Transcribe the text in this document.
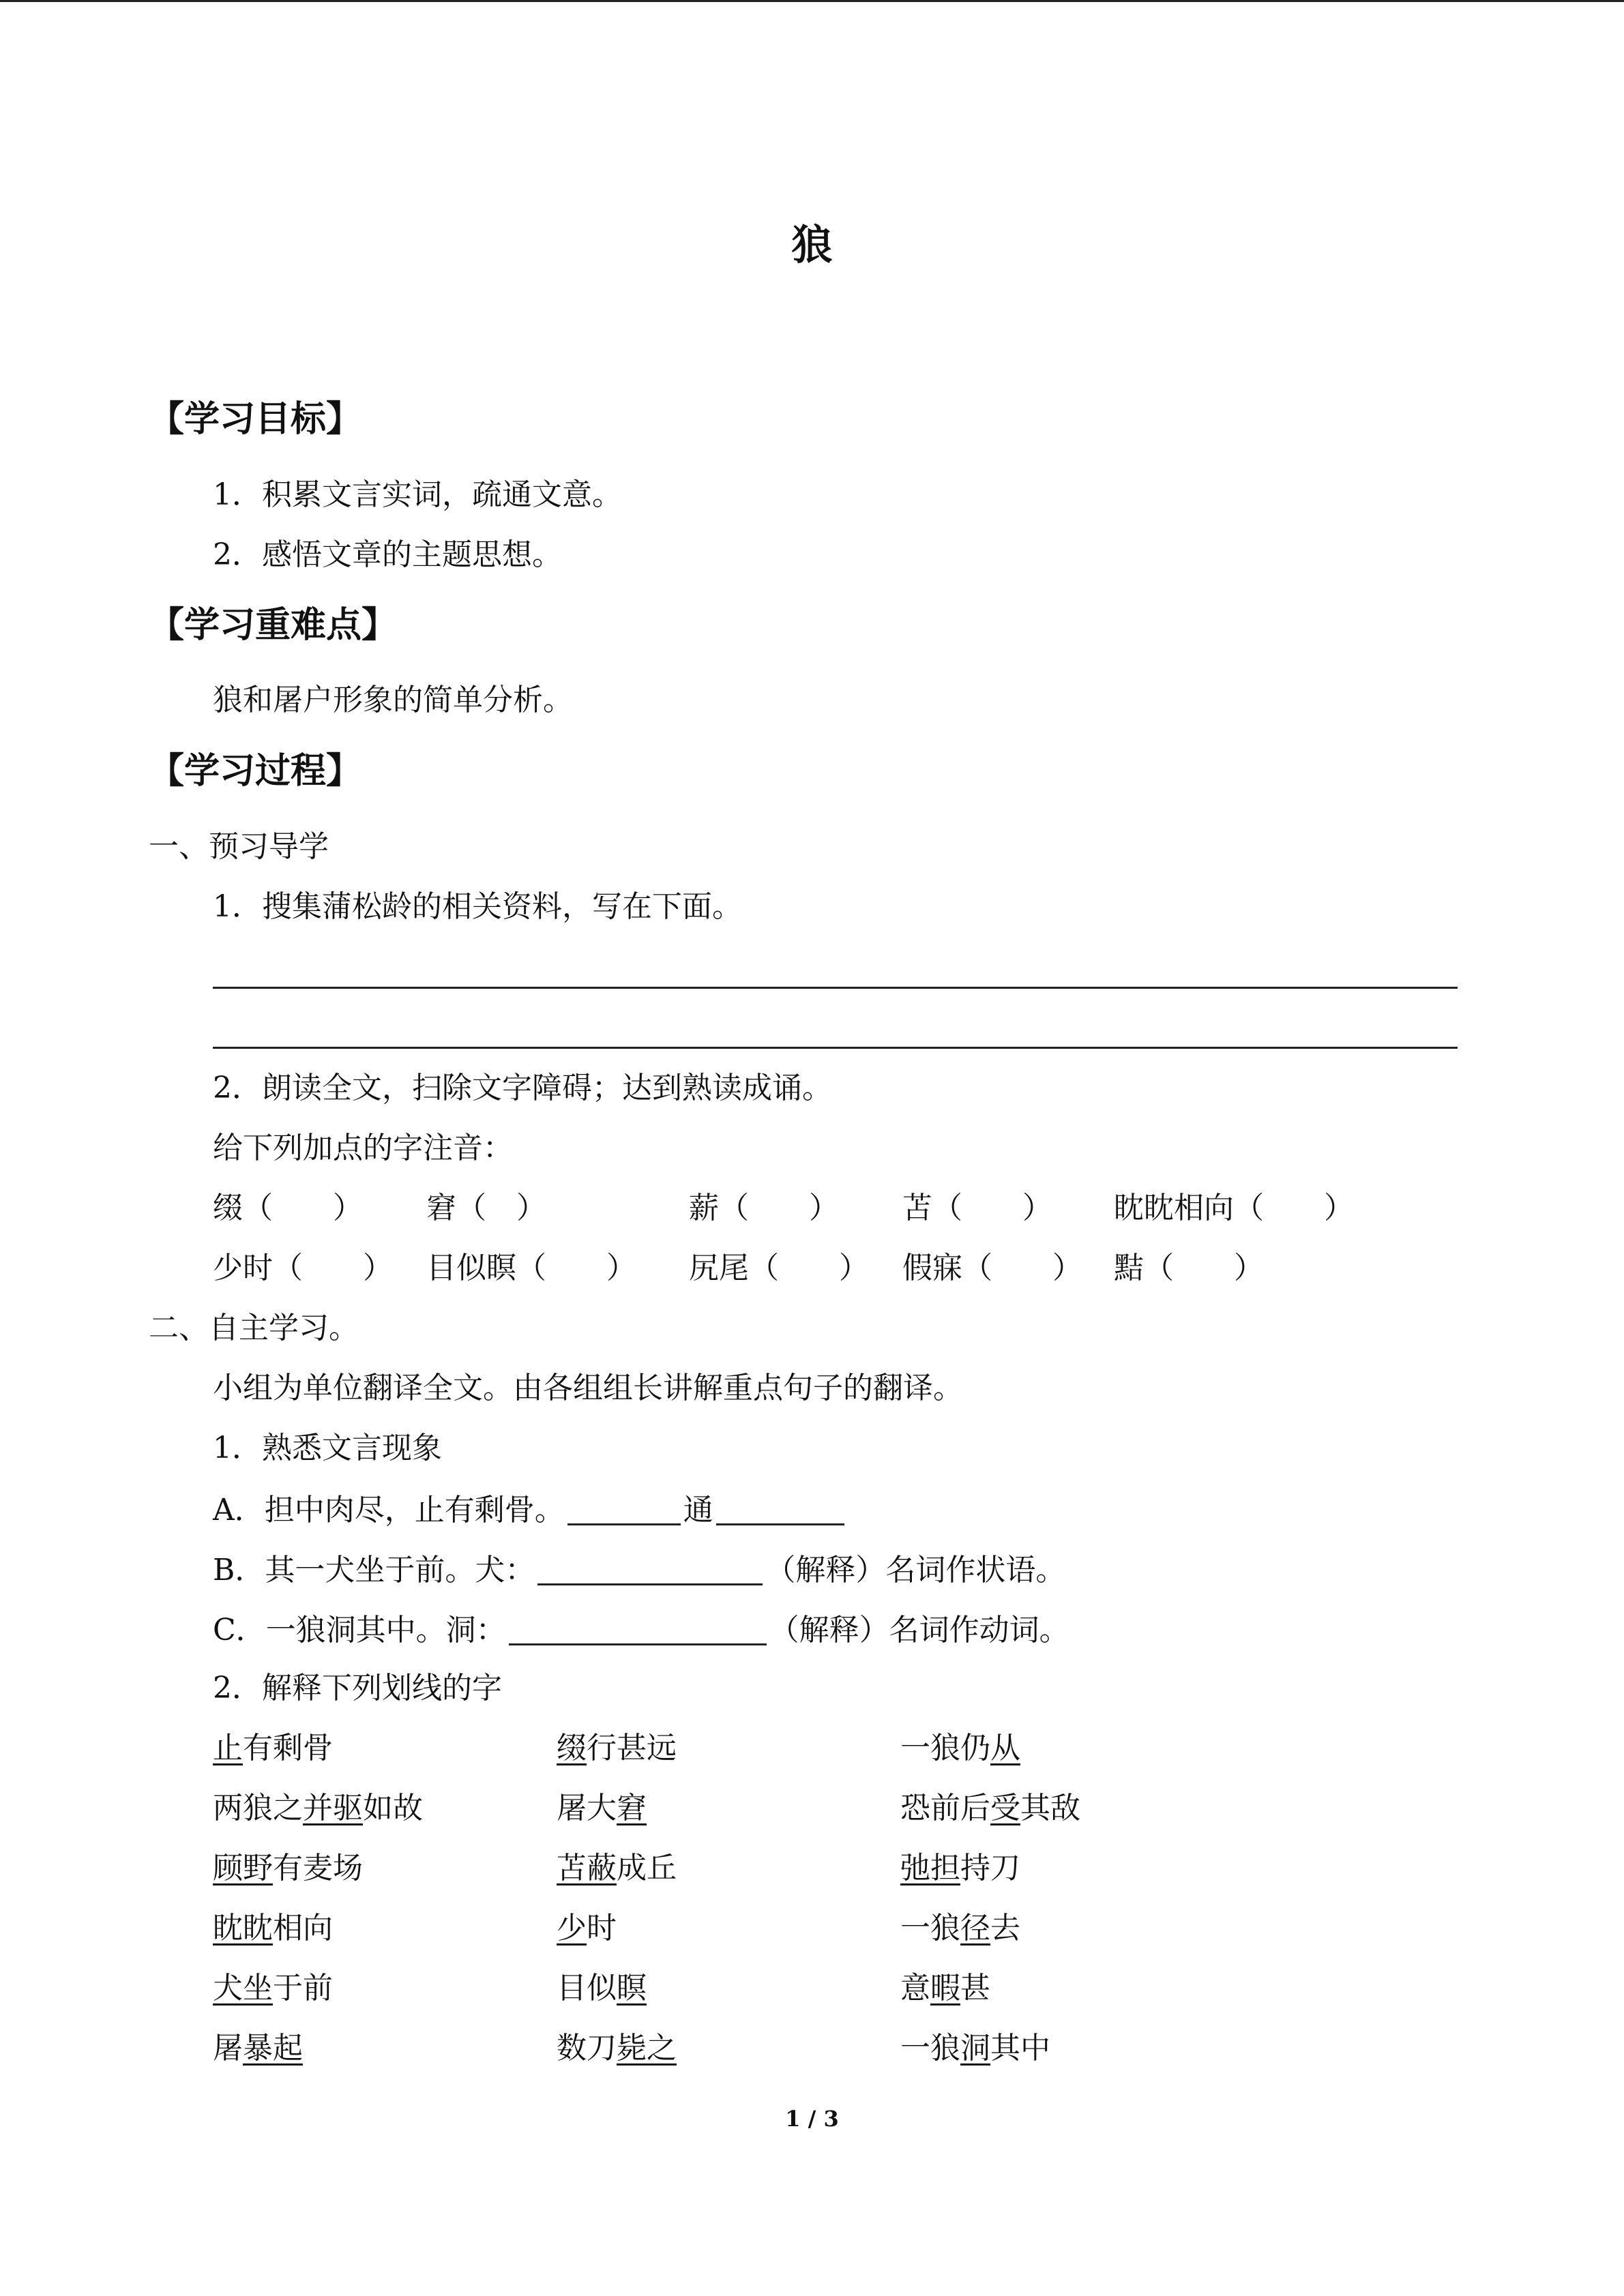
狼
【学习目标】
1．积累文言实词，疏通文意。
2．感悟文章的主题思想。
【学习重难点】
狼和屠户形象的简单分析。
【学习过程】
一、预习导学
1．搜集蒲松龄的相关资料，写在下面。
2．朗读全文，扫除文字障碍；达到熟读成诵。
给下列加点的字注音：
缀（　　） 窘（　）	薪（　　） 苫（　　） 眈眈相向（　　）
少时（　　） 目似瞑（　　） 尻尾（　　） 假寐（　　） 黠（　　）
二、自主学习。
小组为单位翻译全文。由各组组长讲解重点句子的翻译。
1．熟悉文言现象
A．担中肉尽，止有剩骨。	通
B．其一犬坐于前。犬：	（解释）名词作状语。
C．一狼洞其中。洞：	（解释）名词作动词。
2．解释下列划线的字
止有剩骨	缀行甚远	一狼仍从
两狼之并驱如故	屠大窘	恐前后受其敌
顾野有麦场	苫蔽成丘	弛担持刀
眈眈相向	少时	一狼径去
犬坐于前	目似瞑	意暇甚
屠暴起	数刀毙之	一狼洞其中
1 / 3
